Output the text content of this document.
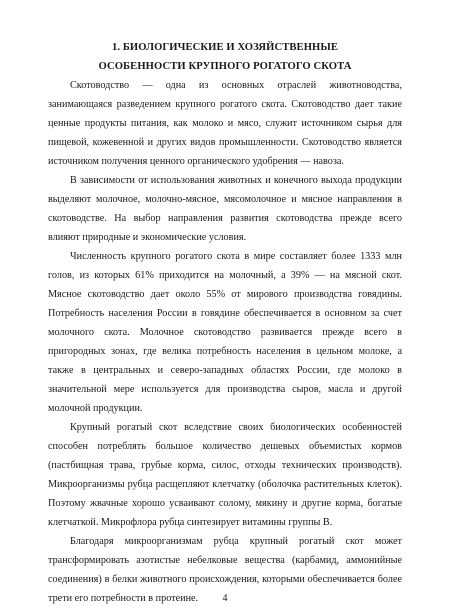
1. БИОЛОГИЧЕСКИЕ И ХОЗЯЙСТВЕННЫЕ
ОСОБЕННОСТИ КРУПНОГО РОГАТОГО СКОТА

Скотоводство — одна из основных отраслей животноводства, занимающаяся разведением крупного рогатого скота. Скотоводство дает такие ценные продукты питания, как молоко и мясо, служит источником сырья для пищевой, кожевенной и других видов промышленности. Скотоводство является источником получения ценного органического удобрения — навоза.

В зависимости от использования животных и конечного выхода продукции выделяют молочное, молочно-мясное, мясомолочное и мясное направления в скотоводстве. На выбор направления развития скотоводства прежде всего влияют природные и экономические условия.

Численность крупного рогатого скота в мире составляет более 1333 млн голов, из которых 61% приходится на молочный, а 39% — на мясной скот. Мясное скотоводство дает около 55% от мирового производства говядины. Потребность населения России в говядине обеспечивается в основном за счет молочного скота. Молочное скотоводство развивается прежде всего в пригородных зонах, где велика потребность населения в цельном молоке, а также в центральных и северо-западных областях России, где молоко в значительной мере используется для производства сыров, масла и другой молочной продукции.

Крупный рогатый скот вследствие своих биологических особенностей способен потреблять большое количество дешевых объемистых кормов (пастбищная трава, грубые корма, силос, отходы технических производств). Микроорганизмы рубца расщепляют клетчатку (оболочка растительных клеток). Поэтому жвачные хорошо усваивают солому, мякину и другие корма, богатые клетчаткой. Микрофлора рубца синтезирует витамины группы В.

Благодаря микроорганизмам рубца крупный рогатый скот может трансформировать азотистые небелковые вещества (карбамид, аммонийные соединения) в белки животного происхождения, которыми обеспечивается более трети его потребности в протеине.	4
